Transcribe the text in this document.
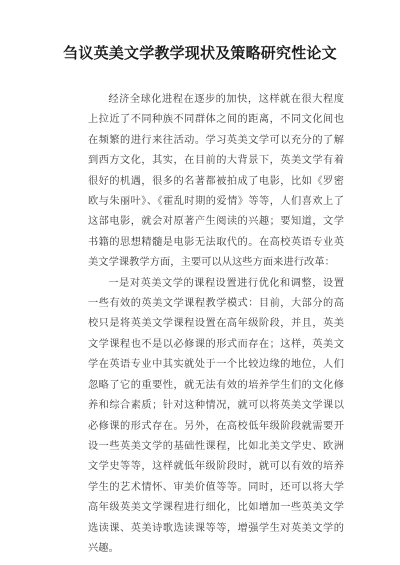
刍议英美文学教学现状及策略研究性论文

经济全球化进程在逐步的加快，这样就在很大程度上拉近了不同种族不同群体之间的距离，不同文化间也在频繁的进行来往活动。学习英美文学可以充分的了解到西方文化，其实，在目前的大背景下，英美文学有着很好的机遇，很多的名著都被拍成了电影，比如《罗密欧与朱丽叶》、《霍乱时期的爱情》等等，人们喜欢上了这部电影，就会对原著产生阅读的兴趣；要知道，文学书籍的思想精髓是电影无法取代的。在高校英语专业英美文学课教学方面，主要可以从这些方面来进行改革：

一是对英美文学的课程设置进行优化和调整，设置一些有效的英美文学课程教学模式：目前，大部分的高校只是将英美文学课程设置在高年级阶段，并且，英美文学课程也不是以必修课的形式而存在；这样，英美文学在英语专业中其实就处于一个比较边缘的地位，人们忽略了它的重要性，就无法有效的培养学生们的文化修养和综合素质；针对这种情况，就可以将英美文学课以必修课的形式存在。另外，在高校低年级阶段就需要开设一些英美文学的基础性课程，比如北美文学史、欧洲文学史等等，这样就低年级阶段时，就可以有效的培养学生的艺术情怀、审美价值等等。同时，还可以将大学高年级英美文学课程进行细化，比如增加一些英美文学选读课、英美诗歌选读课等等，增强学生对英美文学的兴趣。
